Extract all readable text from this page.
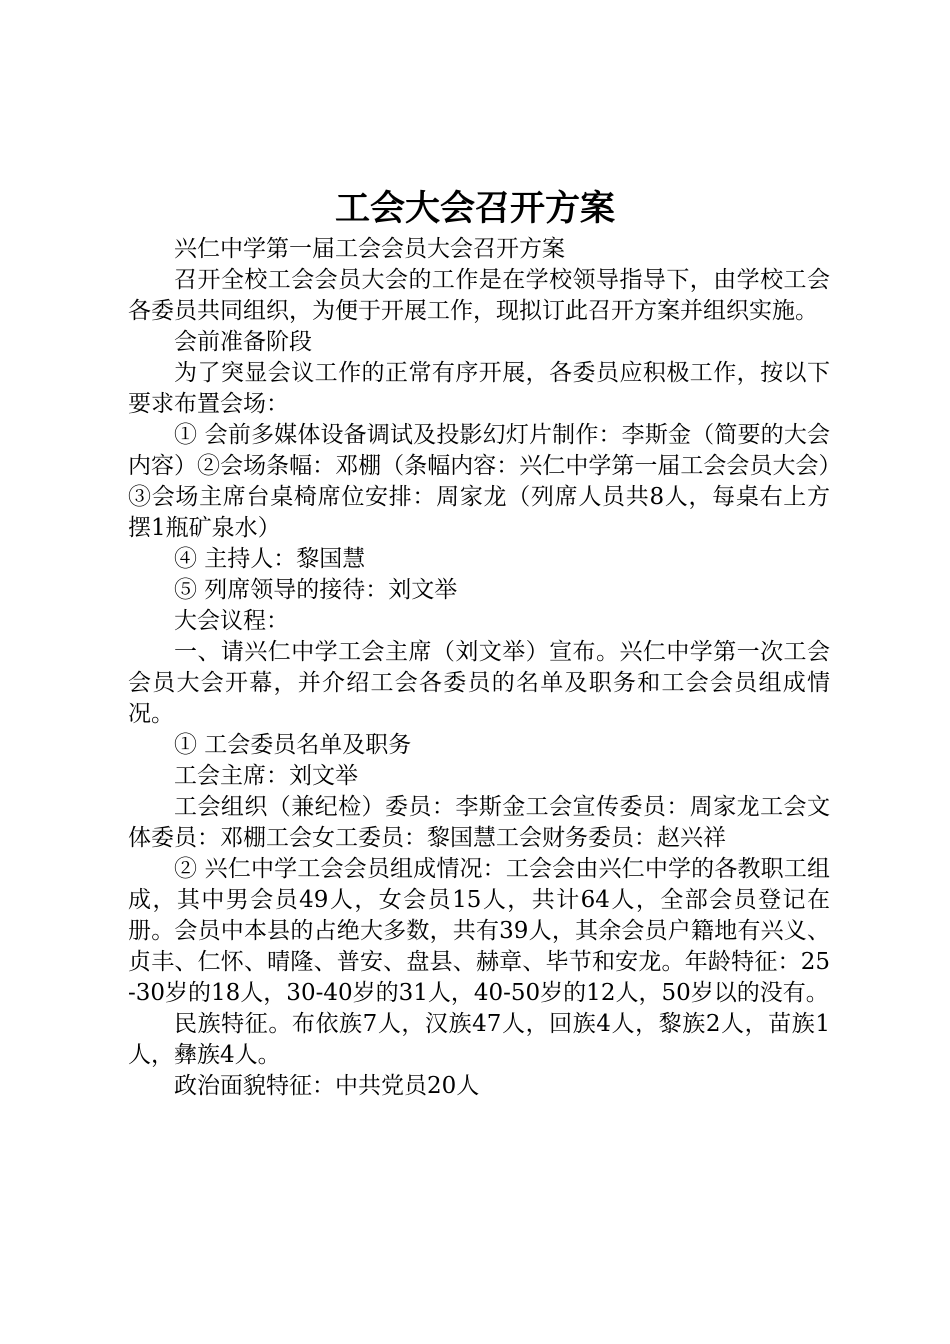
工会大会召开方案

兴仁中学第一届工会会员大会召开方案

召开全校工会会员大会的工作是在学校领导指导下，由学校工会各委员共同组织，为便于开展工作，现拟订此召开方案并组织实施。

会前准备阶段

为了突显会议工作的正常有序开展，各委员应积极工作，按以下要求布置会场：

① 会前多媒体设备调试及投影幻灯片制作：李斯金（简要的大会内容）②会场条幅：邓棚（条幅内容：兴仁中学第一届工会会员大会）③会场主席台桌椅席位安排：周家龙（列席人员共8人，每桌右上方摆1瓶矿泉水）

④ 主持人：黎国慧

⑤ 列席领导的接待：刘文举

大会议程：

一、请兴仁中学工会主席（刘文举）宣布。兴仁中学第一次工会会员大会开幕，并介绍工会各委员的名单及职务和工会会员组成情况。

① 工会委员名单及职务

工会主席：刘文举

工会组织（兼纪检）委员：李斯金工会宣传委员：周家龙工会文体委员：邓棚工会女工委员：黎国慧工会财务委员：赵兴祥

② 兴仁中学工会会员组成情况：工会会由兴仁中学的各教职工组成，其中男会员49人，女会员15人，共计64人，全部会员登记在册。会员中本县的占绝大多数，共有39人，其余会员户籍地有兴义、贞丰、仁怀、晴隆、普安、盘县、赫章、毕节和安龙。年龄特征：25-30岁的18人，30-40岁的31人，40-50岁的12人，50岁以的没有。

民族特征。布依族7人，汉族47人，回族4人，黎族2人，苗族1人，彝族4人。

政治面貌特征：中共党员20人
